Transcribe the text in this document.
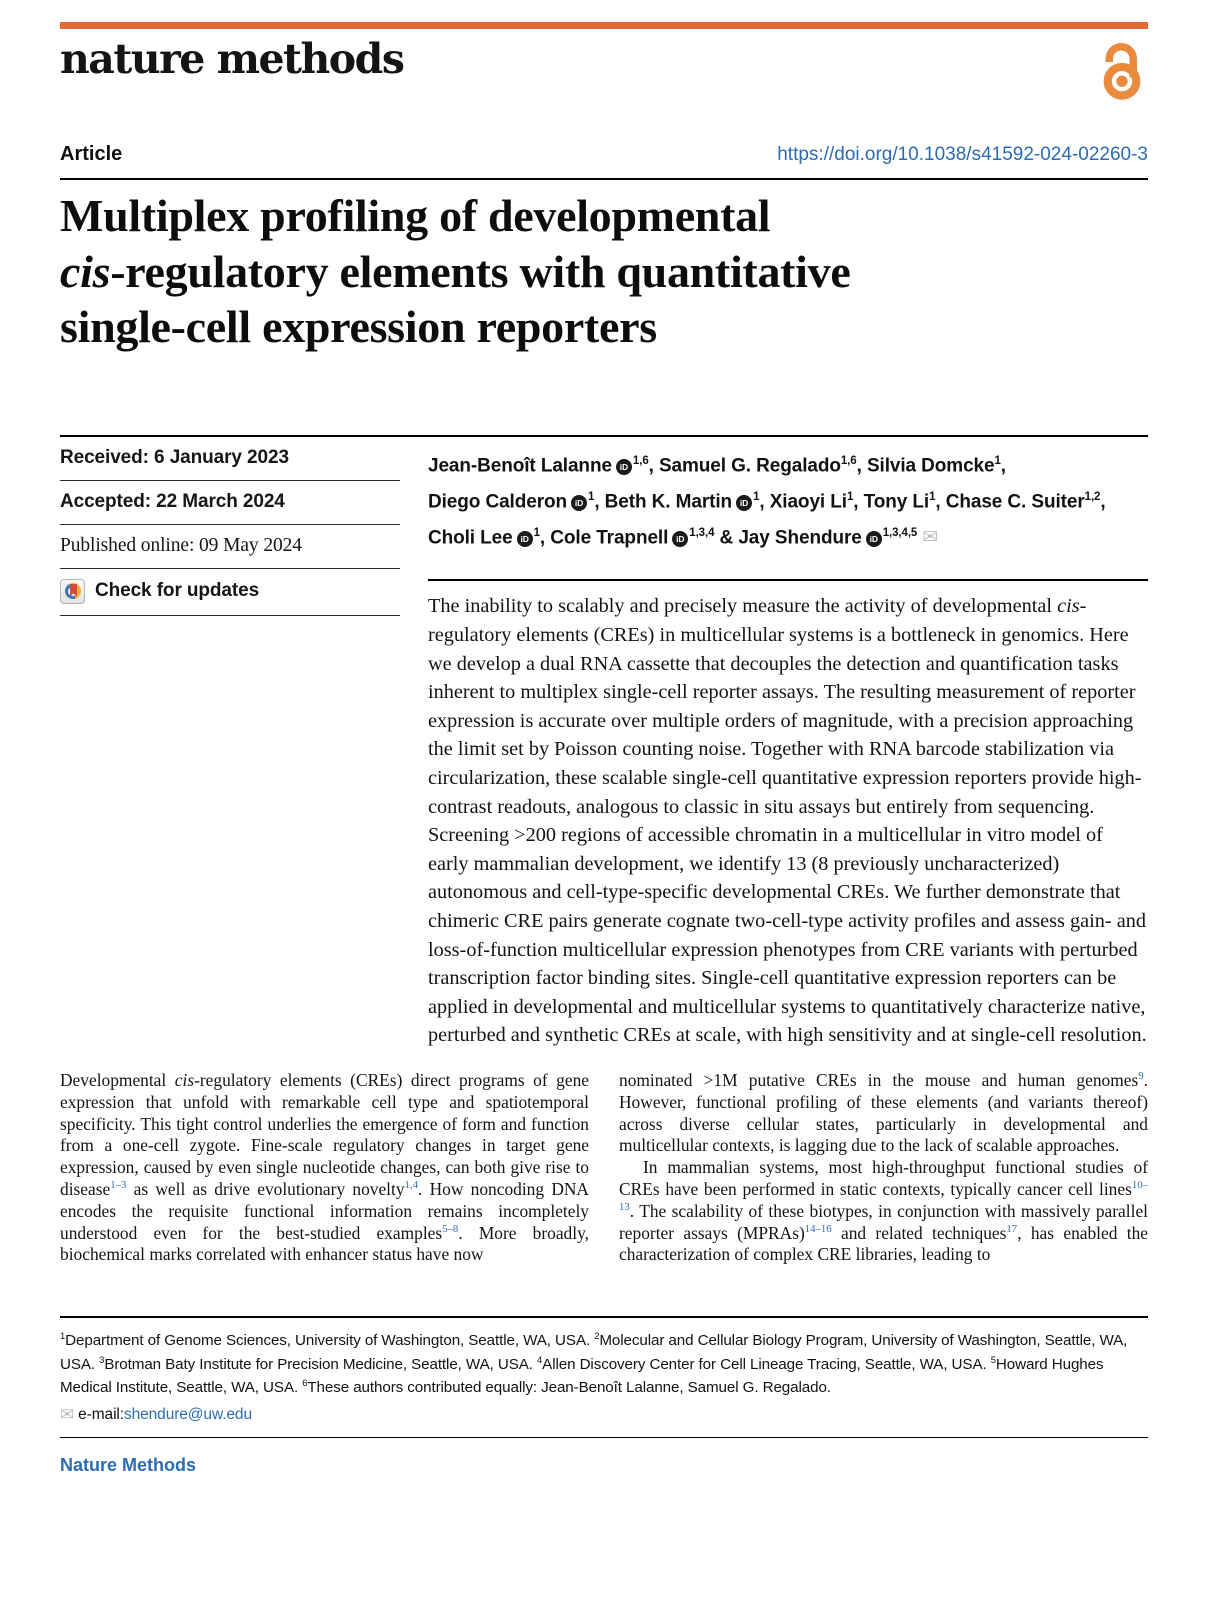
nature methods
Article	https://doi.org/10.1038/s41592-024-02260-3
Multiplex profiling of developmental
cis-regulatory elements with quantitative
single-cell expression reporters
Received: 6 January 2023
Accepted: 22 March 2024
Published online: 09 May 2024
Check for updates
Jean-Benoît Lalanne iD$^{1,6}$, Samuel G. Regalado$^{1,6}$, Silvia Domcke$^1$,
Diego Calderon $iD^1$, Beth K. Martin $iD^1$, Xiaoyi Li$^1$, Tony Li$^1$, Chase C. Suiter$^{1,2}$,
Choli Lee $iD^1$, Cole Trapnell iD$^{1,3,4}$ & Jay Shendure iD$^{1,3,4,5}$ ✉
The inability to scalably and precisely measure the activity of developmental cis-regulatory elements (CREs) in multicellular systems is a bottleneck in genomics. Here we develop a dual RNA cassette that decouples the detection and quantification tasks inherent to multiplex single-cell reporter assays. The resulting measurement of reporter expression is accurate over multiple orders of magnitude, with a precision approaching the limit set by Poisson counting noise. Together with RNA barcode stabilization via circularization, these scalable single-cell quantitative expression reporters provide high-contrast readouts, analogous to classic in situ assays but entirely from sequencing. Screening >200 regions of accessible chromatin in a multicellular in vitro model of early mammalian development, we identify 13 (8 previously uncharacterized) autonomous and cell-type-specific developmental CREs. We further demonstrate that chimeric CRE pairs generate cognate two-cell-type activity profiles and assess gain- and loss-of-function multicellular expression phenotypes from CRE variants with perturbed transcription factor binding sites. Single-cell quantitative expression reporters can be applied in developmental and multicellular systems to quantitatively characterize native, perturbed and synthetic CREs at scale, with high sensitivity and at single-cell resolution.

Developmental cis-regulatory elements (CREs) direct programs of gene expression that unfold with remarkable cell type and spatiotemporal specificity. This tight control underlies the emergence of form and function from a one-cell zygote. Fine-scale regulatory changes in target gene expression, caused by even single nucleotide changes, can both give rise to disease$^{1-3}$ as well as drive evolutionary novelty$^{1,4}$. How noncoding DNA encodes the requisite functional information remains incompletely understood even for the best-studied examples$^{5-8}$. More broadly, biochemical marks correlated with enhancer status have now

nominated >1M putative CREs in the mouse and human genomes$^9$. However, functional profiling of these elements (and variants thereof) across diverse cellular states, particularly in developmental and multicellular contexts, is lagging due to the lack of scalable approaches.

In mammalian systems, most high-throughput functional studies of CREs have been performed in static contexts, typically cancer cell lines$^{10-13}$. The scalability of these biotypes, in conjunction with massively parallel reporter assays (MPRAs)$^{14-16}$ and related techniques$^{17}$, has enabled the characterization of complex CRE libraries, leading to

$^1$Department of Genome Sciences, University of Washington, Seattle, WA, USA. $^2$Molecular and Cellular Biology Program, University of Washington, Seattle, WA, USA. $^3$Brotman Baty Institute for Precision Medicine, Seattle, WA, USA. $^4$Allen Discovery Center for Cell Lineage Tracing, Seattle, WA, USA. $^5$Howard Hughes Medical Institute, Seattle, WA, USA. $^6$These authors contributed equally: Jean-Benoît Lalanne, Samuel G. Regalado.
✉ e-mail: shendure@uw.edu
Nature Methods
